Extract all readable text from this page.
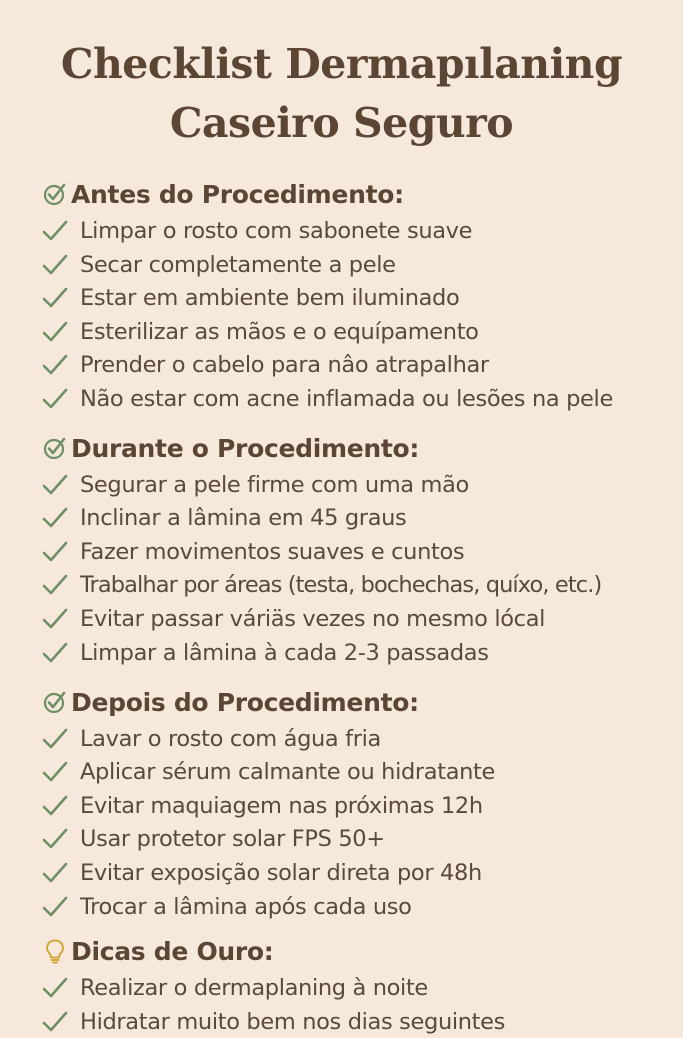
Checklist Dermapılaning
Caseiro Seguro
Antes do Procedimento:
Limpar o rosto com sabonete suave
Secar completamente a pele
Estar em ambiente bem iluminado
Esterilizar as mãos e o equípamento
Prender o cabelo para nâo atrapalhar
Não estar com acne inflamada ou lesões na pele
Durante o Procedimento:
Segurar a pele firme com uma mão
Inclinar a lâmina em 45 graus
Fazer movimentos suaves e cuntos
Trabalhar por áreas (testa, bochechas, quíxo, etc.)
Evitar passar váriäs vezes no mesmo lócal
Limpar a lâmina à cada 2-3 passadas
Depois do Procedimento:
Lavar o rosto com água fria
Aplicar sérum calmante ou hidratante
Evitar maquiagem nas próximas 12h
Usar protetor solar FPS 50+
Evitar exposição solar direta por 48h
Trocar a lâmina após cada uso
Dicas de Ouro:
Realizar o dermaplaning à noite
Hidratar muito bem nos dias seguintes
